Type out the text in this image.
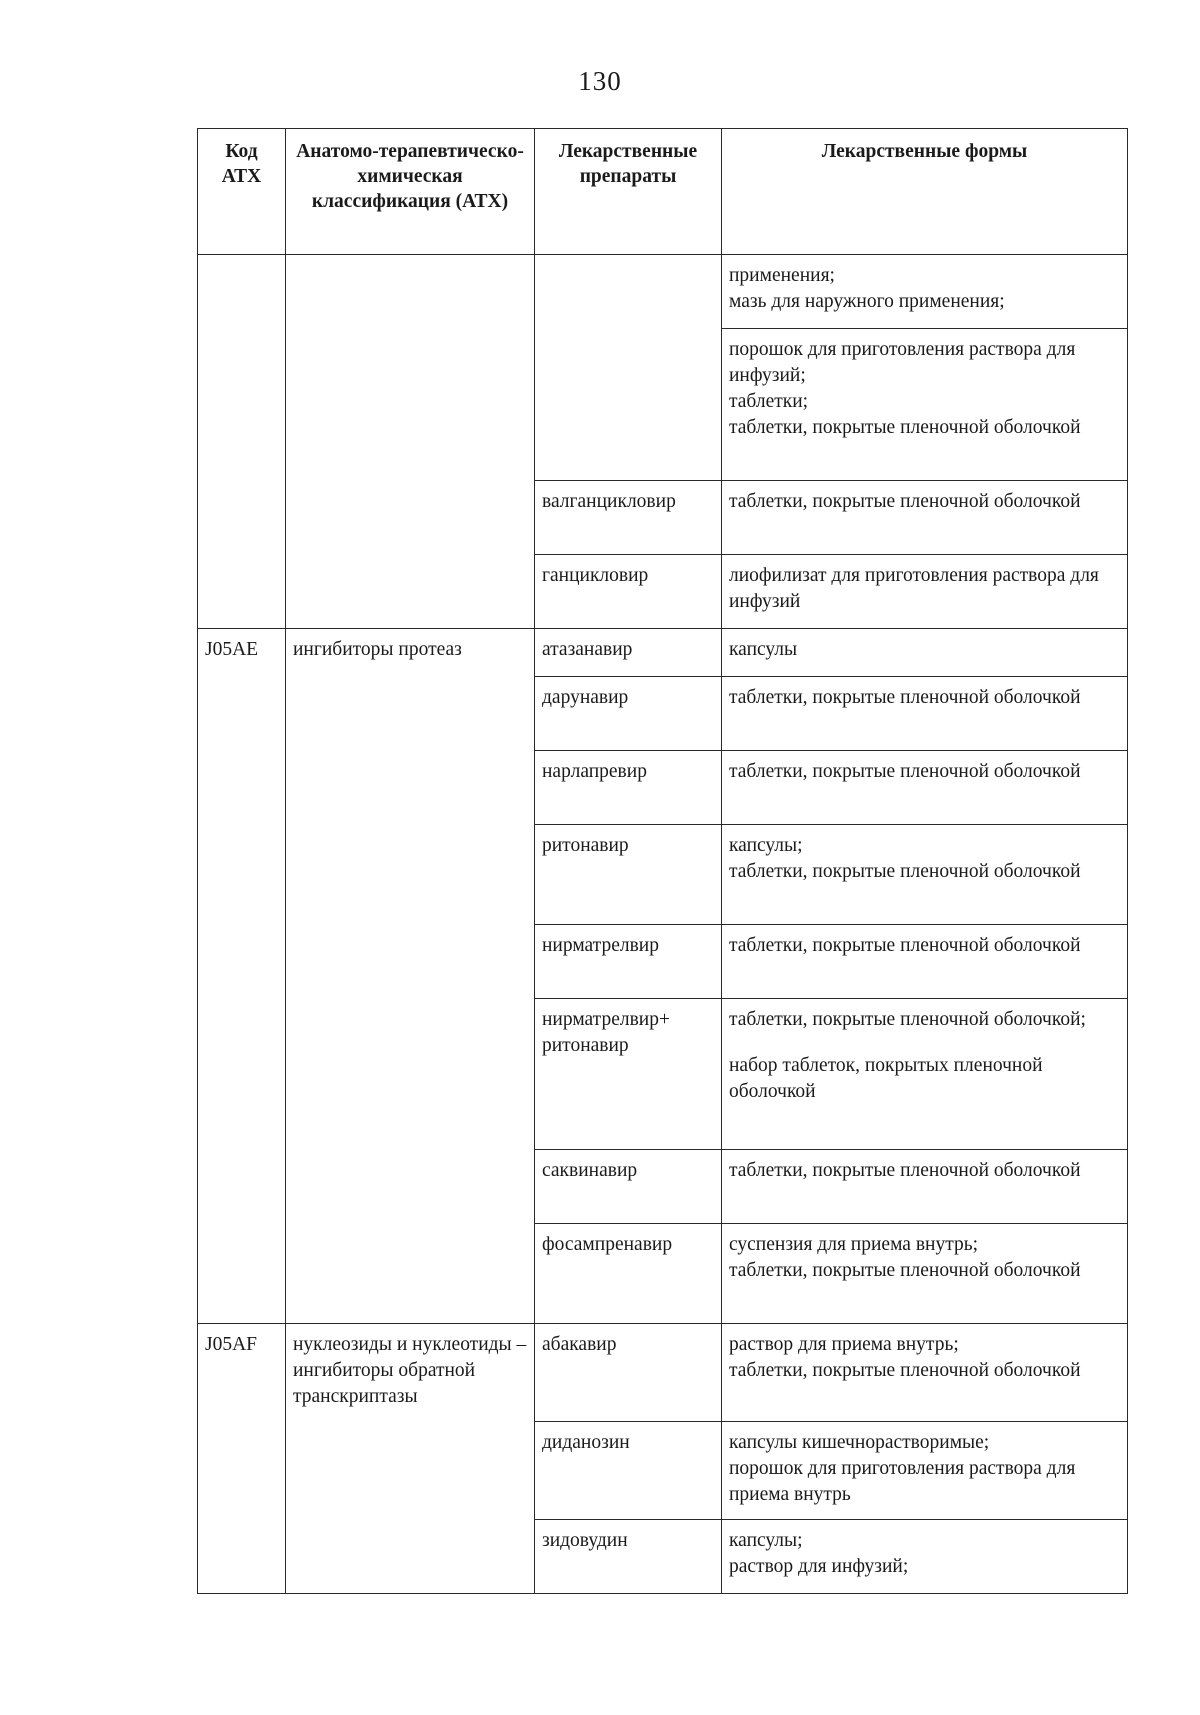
130
Код АТХ	Анатомо-терапевтическо-химическая классификация (АТХ)	Лекарственные препараты	Лекарственные формы

			применения;
мазь для наружного применения;

			порошок для приготовления раствора для инфузий;
таблетки;
таблетки, покрытые пленочной оболочкой

		валганцикловир	таблетки, покрытые пленочной оболочкой

		ганцикловир	лиофилизат для приготовления раствора для инфузий

J05AE	ингибиторы протеаз	атазанавир	капсулы

		дарунавир	таблетки, покрытые пленочной оболочкой

		нарлапревир	таблетки, покрытые пленочной оболочкой

		ритонавир	капсулы;
таблетки, покрытые пленочной оболочкой

		нирматрелвир	таблетки, покрытые пленочной оболочкой

		нирматрелвир+
ритонавир	таблетки, покрытые пленочной оболочкой;
набор таблеток, покрытых пленочной оболочкой

		саквинавир	таблетки, покрытые пленочной оболочкой

		фосампренавир	суспензия для приема внутрь;
таблетки, покрытые пленочной оболочкой

J05AF	нуклеозиды и нуклеотиды – ингибиторы обратной транскриптазы	абакавир	раствор для приема внутрь;
таблетки, покрытые пленочной оболочкой

		диданозин	капсулы кишечнорастворимые;
порошок для приготовления раствора для приема внутрь

		зидовудин	капсулы;
раствор для инфузий;
